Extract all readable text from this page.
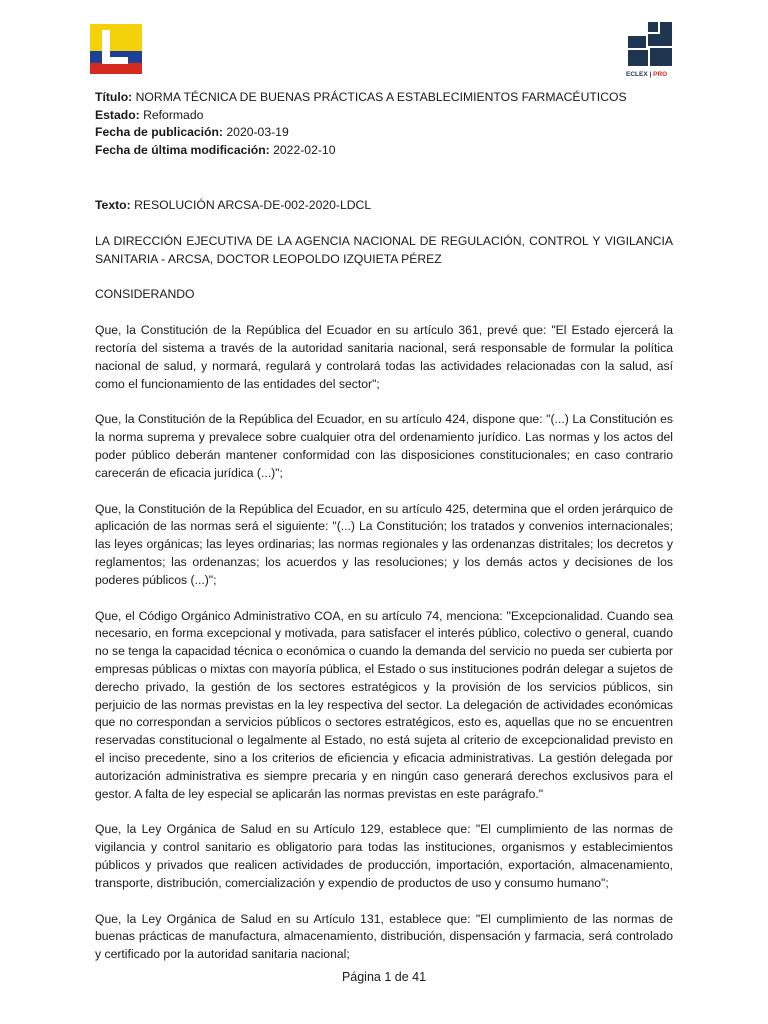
ECLEX | PRO
Título: NORMA TÉCNICA DE BUENAS PRÁCTICAS A ESTABLECIMIENTOS FARMACÉUTICOS
Estado: Reformado
Fecha de publicación: 2020-03-19
Fecha de última modificación: 2022-02-10

Texto: RESOLUCIÓN ARCSA-DE-002-2020-LDCL

LA DIRECCIÓN EJECUTIVA DE LA AGENCIA NACIONAL DE REGULACIÓN, CONTROL Y VIGILANCIA SANITARIA - ARCSA, DOCTOR LEOPOLDO IZQUIETA PÉREZ

CONSIDERANDO

Que, la Constitución de la República del Ecuador en su artículo 361, prevé que: "El Estado ejercerá la rectoría del sistema a través de la autoridad sanitaria nacional, será responsable de formular la política nacional de salud, y normará, regulará y controlará todas las actividades relacionadas con la salud, así como el funcionamiento de las entidades del sector";

Que, la Constitución de la República del Ecuador, en su artículo 424, dispone que: "(...) La Constitución es la norma suprema y prevalece sobre cualquier otra del ordenamiento jurídico. Las normas y los actos del poder público deberán mantener conformidad con las disposiciones constitucionales; en caso contrario carecerán de eficacia jurídica (...)";

Que, la Constitución de la República del Ecuador, en su artículo 425, determina que el orden jerárquico de aplicación de las normas será el siguiente: "(...) La Constitución; los tratados y convenios internacionales; las leyes orgánicas; las leyes ordinarias; las normas regionales y las ordenanzas distritales; los decretos y reglamentos; las ordenanzas; los acuerdos y las resoluciones; y los demás actos y decisiones de los poderes públicos (...)";

Que, el Código Orgánico Administrativo COA, en su artículo 74, menciona: "Excepcionalidad. Cuando sea necesario, en forma excepcional y motivada, para satisfacer el interés público, colectivo o general, cuando no se tenga la capacidad técnica o económica o cuando la demanda del servicio no pueda ser cubierta por empresas públicas o mixtas con mayoría pública, el Estado o sus instituciones podrán delegar a sujetos de derecho privado, la gestión de los sectores estratégicos y la provisión de los servicios públicos, sin perjuicio de las normas previstas en la ley respectiva del sector. La delegación de actividades económicas que no correspondan a servicios públicos o sectores estratégicos, esto es, aquellas que no se encuentren reservadas constitucional o legalmente al Estado, no está sujeta al criterio de excepcionalidad previsto en el inciso precedente, sino a los criterios de eficiencia y eficacia administrativas. La gestión delegada por autorización administrativa es siempre precaria y en ningún caso generará derechos exclusivos para el gestor. A falta de ley especial se aplicarán las normas previstas en este parágrafo."

Que, la Ley Orgánica de Salud en su Artículo 129, establece que: "El cumplimiento de las normas de vigilancia y control sanitario es obligatorio para todas las instituciones, organismos y establecimientos públicos y privados que realicen actividades de producción, importación, exportación, almacenamiento, transporte, distribución, comercialización y expendio de productos de uso y consumo humano";

Que, la Ley Orgánica de Salud en su Artículo 131, establece que: "El cumplimiento de las normas de buenas prácticas de manufactura, almacenamiento, distribución, dispensación y farmacia, será controlado y certificado por la autoridad sanitaria nacional;

Página 1 de 41
